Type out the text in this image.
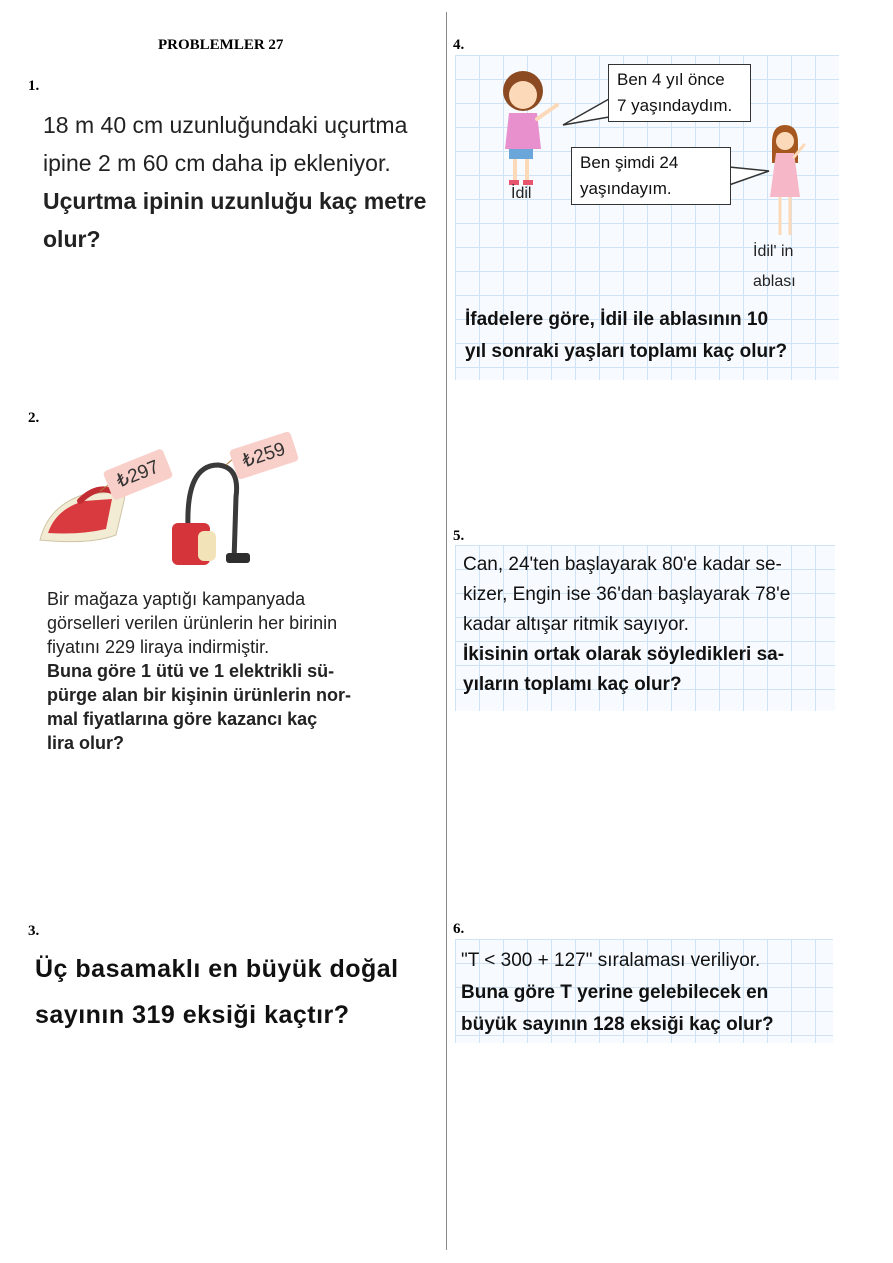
PROBLEMLER 27
1.
18 m 40 cm uzunluğundaki uçurtma
ipine 2 m 60 cm daha ip ekleniyor.
Uçurtma ipinin uzunluğu kaç metre
olur?
2.
₺297
₺259
Bir mağaza yaptığı kampanyada
görselleri verilen ürünlerin her birinin
fiyatını 229 liraya indirmiştir.
Buna göre 1 ütü ve 1 elektrikli sü-
pürge alan bir kişinin ürünlerin nor-
mal fiyatlarına göre kazancı kaç
lira olur?
3.
Üç basamaklı en büyük doğal
sayının 319 eksiği kaçtır?
4.
Ben 4 yıl önce
7 yaşındaydım.
Ben şimdi 24
yaşındayım.
İdil
İdil' in
ablası
İfadelere göre, İdil ile ablasının 10
yıl sonraki yaşları toplamı kaç olur?
5.
Can, 24'ten başlayarak 80'e kadar se-
kizer, Engin ise 36'dan başlayarak 78'e
kadar altışar ritmik sayıyor.
İkisinin ortak olarak söyledikleri sa-
yıların toplamı kaç olur?
6.
"T < 300 + 127" sıralaması veriliyor.
Buna göre T yerine gelebilecek en
büyük sayının 128 eksiği kaç olur?
